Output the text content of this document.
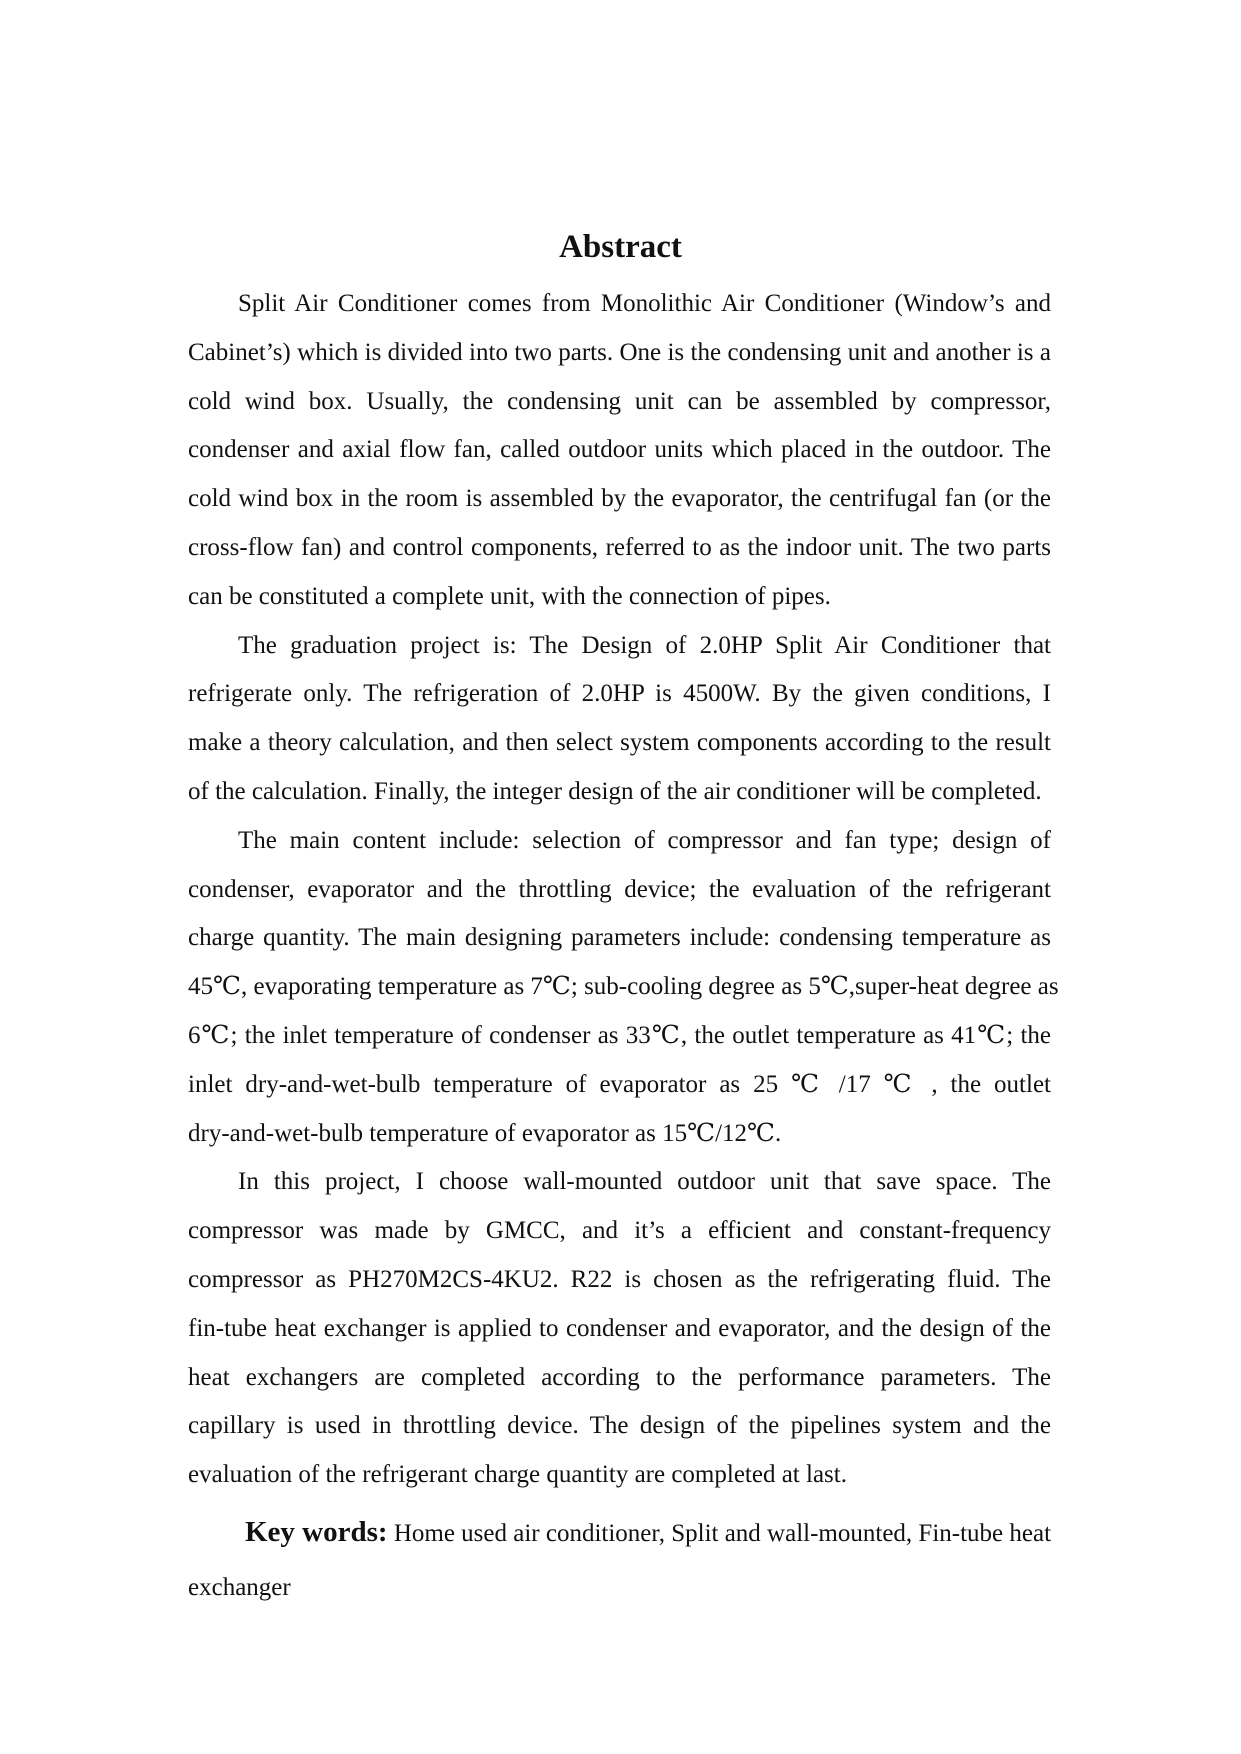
Abstract
Split Air Conditioner comes from Monolithic Air Conditioner (Window’s and
Cabinet’s) which is divided into two parts. One is the condensing unit and another is a
cold wind box. Usually, the condensing unit can be assembled by compressor,
condenser and axial flow fan, called outdoor units which placed in the outdoor. The
cold wind box in the room is assembled by the evaporator, the centrifugal fan (or the
cross-flow fan) and control components, referred to as the indoor unit. The two parts
can be constituted a complete unit, with the connection of pipes.
The graduation project is: The Design of 2.0HP Split Air Conditioner that
refrigerate only. The refrigeration of 2.0HP is 4500W. By the given conditions, I
make a theory calculation, and then select system components according to the result
of the calculation. Finally, the integer design of the air conditioner will be completed.
The main content include: selection of compressor and fan type; design of
condenser, evaporator and the throttling device; the evaluation of the refrigerant
charge quantity. The main designing parameters include: condensing temperature as
45℃, evaporating temperature as 7℃; sub-cooling degree as 5℃,super-heat degree as
6℃; the inlet temperature of condenser as 33℃, the outlet temperature as 41℃; the
inlet dry-and-wet-bulb temperature of evaporator as 25 ℃ /17 ℃ , the outlet
dry-and-wet-bulb temperature of evaporator as 15℃/12℃.
In this project, I choose wall-mounted outdoor unit that save space. The
compressor was made by GMCC, and it’s a efficient and constant-frequency
compressor as PH270M2CS-4KU2. R22 is chosen as the refrigerating fluid. The
fin-tube heat exchanger is applied to condenser and evaporator, and the design of the
heat exchangers are completed according to the performance parameters. The
capillary is used in throttling device. The design of the pipelines system and the
evaluation of the refrigerant charge quantity are completed at last.
Key words: Home used air conditioner, Split and wall-mounted, Fin-tube heat
exchanger
